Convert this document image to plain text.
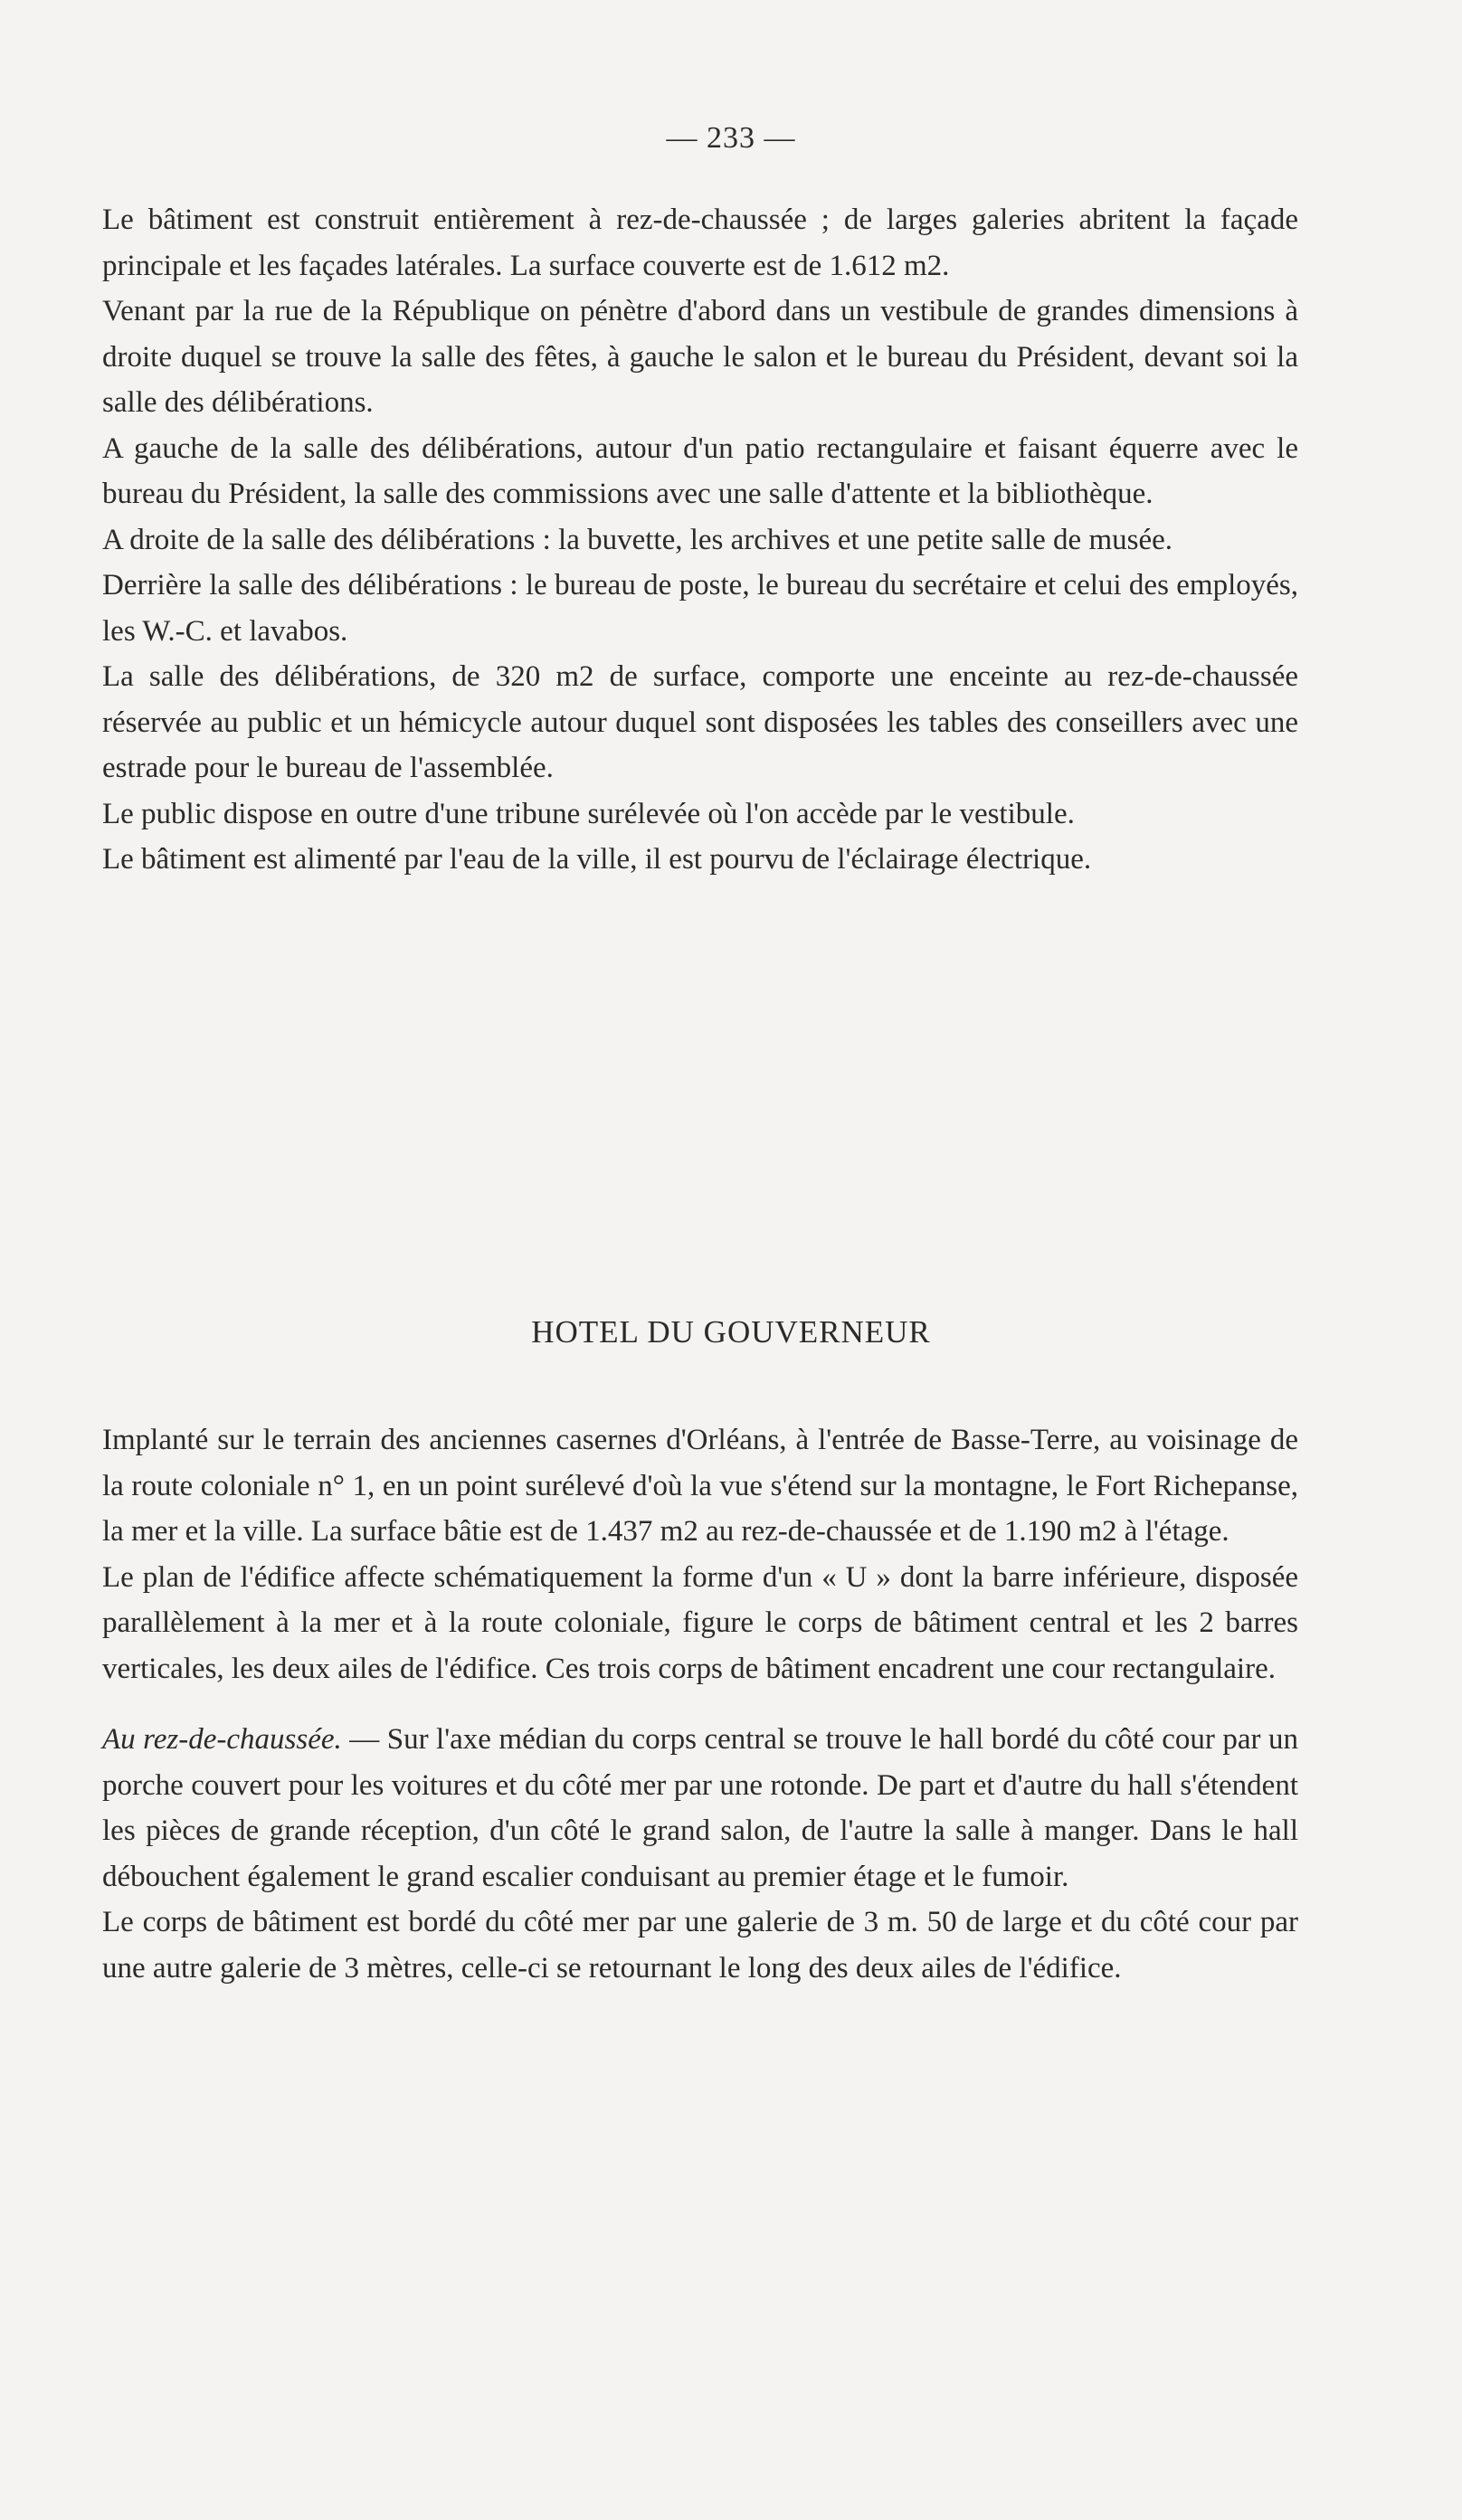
— 233 —

Le bâtiment est construit entièrement à rez-de-chaussée ; de larges galeries abritent la façade principale et les façades latérales. La surface couverte est de 1.612 m2.

Venant par la rue de la République on pénètre d'abord dans un vestibule de grandes dimensions à droite duquel se trouve la salle des fêtes, à gauche le salon et le bureau du Président, devant soi la salle des délibérations.

A gauche de la salle des délibérations, autour d'un patio rectangulaire et faisant équerre avec le bureau du Président, la salle des commissions avec une salle d'attente et la bibliothèque.

A droite de la salle des délibérations : la buvette, les archives et une petite salle de musée.

Derrière la salle des délibérations : le bureau de poste, le bureau du secrétaire et celui des employés, les W.-C. et lavabos.

La salle des délibérations, de 320 m2 de surface, comporte une enceinte au rez-de-chaussée réservée au public et un hémicycle autour duquel sont disposées les tables des conseillers avec une estrade pour le bureau de l'assemblée.

Le public dispose en outre d'une tribune surélevée où l'on accède par le vestibule.

Le bâtiment est alimenté par l'eau de la ville, il est pourvu de l'éclairage électrique.

HOTEL DU GOUVERNEUR

Implanté sur le terrain des anciennes casernes d'Orléans, à l'entrée de Basse-Terre, au voisinage de la route coloniale n° 1, en un point surélevé d'où la vue s'étend sur la montagne, le Fort Richepanse, la mer et la ville. La surface bâtie est de 1.437 m2 au rez-de-chaussée et de 1.190 m2 à l'étage.

Le plan de l'édifice affecte schématiquement la forme d'un « U » dont la barre inférieure, disposée parallèlement à la mer et à la route coloniale, figure le corps de bâtiment central et les 2 barres verticales, les deux ailes de l'édifice. Ces trois corps de bâtiment encadrent une cour rectangulaire.

Au rez-de-chaussée. — Sur l'axe médian du corps central se trouve le hall bordé du côté cour par un porche couvert pour les voitures et du côté mer par une rotonde. De part et d'autre du hall s'étendent les pièces de grande réception, d'un côté le grand salon, de l'autre la salle à manger. Dans le hall débouchent également le grand escalier conduisant au premier étage et le fumoir.

Le corps de bâtiment est bordé du côté mer par une galerie de 3 m. 50 de large et du côté cour par une autre galerie de 3 mètres, celle-ci se retournant le long des deux ailes de l'édifice.
